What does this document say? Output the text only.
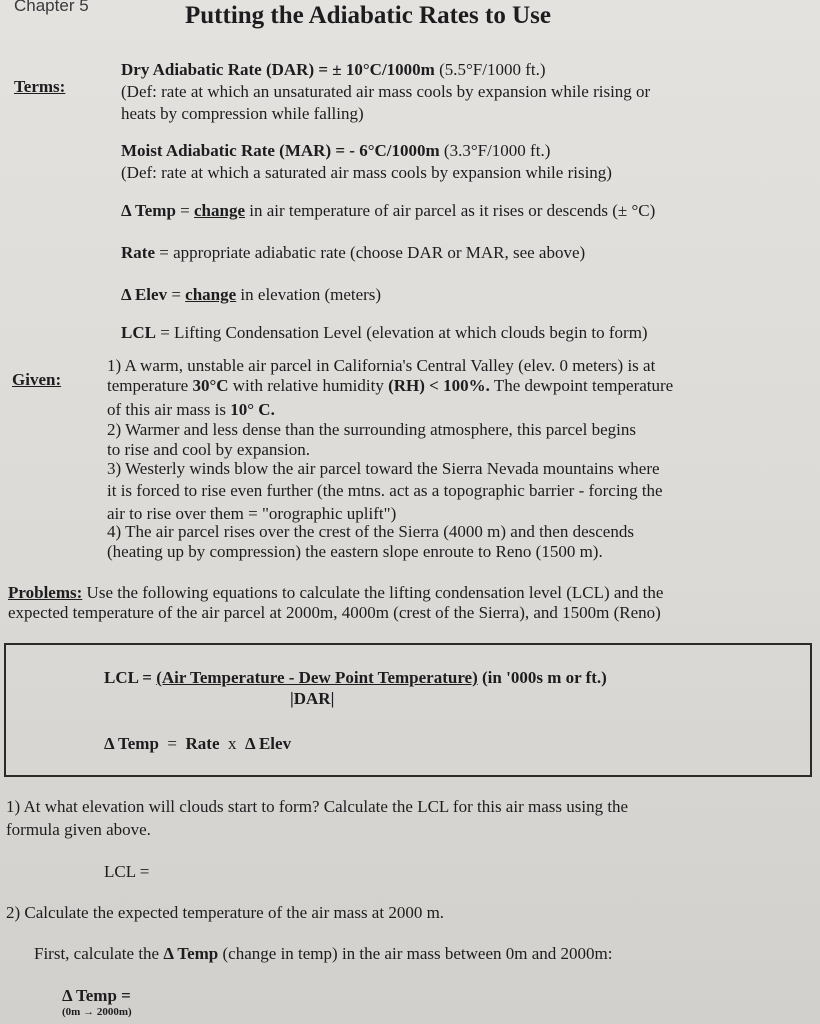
Chapter 5	Putting the Adiabatic Rates to Use
Terms:
Dry Adiabatic Rate (DAR) = ± 10°C/1000m (5.5°F/1000 ft.)
(Def: rate at which an unsaturated air mass cools by expansion while rising or
heats by compression while falling)
Moist Adiabatic Rate (MAR) = - 6°C/1000m (3.3°F/1000 ft.)
(Def: rate at which a saturated air mass cools by expansion while rising)
Δ Temp = change in air temperature of air parcel as it rises or descends (± °C)
Rate = appropriate adiabatic rate (choose DAR or MAR, see above)
Δ Elev = change in elevation (meters)
LCL = Lifting Condensation Level (elevation at which clouds begin to form)
Given:
1) A warm, unstable air parcel in California's Central Valley (elev. 0 meters) is at
temperature 30°C with relative humidity (RH) < 100%. The dewpoint temperature
of this air mass is 10° C.
2) Warmer and less dense than the surrounding atmosphere, this parcel begins
to rise and cool by expansion.
3) Westerly winds blow the air parcel toward the Sierra Nevada mountains where
it is forced to rise even further (the mtns. act as a topographic barrier - forcing the
air to rise over them = "orographic uplift")
4) The air parcel rises over the crest of the Sierra (4000 m) and then descends
(heating up by compression) the eastern slope enroute to Reno (1500 m).
Problems: Use the following equations to calculate the lifting condensation level (LCL) and the
expected temperature of the air parcel at 2000m, 4000m (crest of the Sierra), and 1500m (Reno)
LCL = (Air Temperature - Dew Point Temperature) (in '000s m or ft.)
|DAR|
Δ Temp = Rate x Δ Elev
1) At what elevation will clouds start to form? Calculate the LCL for this air mass using the
formula given above.
LCL =
2) Calculate the expected temperature of the air mass at 2000 m.
First, calculate the Δ Temp (change in temp) in the air mass between 0m and 2000m:
Δ Temp =
(0m → 2000m)
